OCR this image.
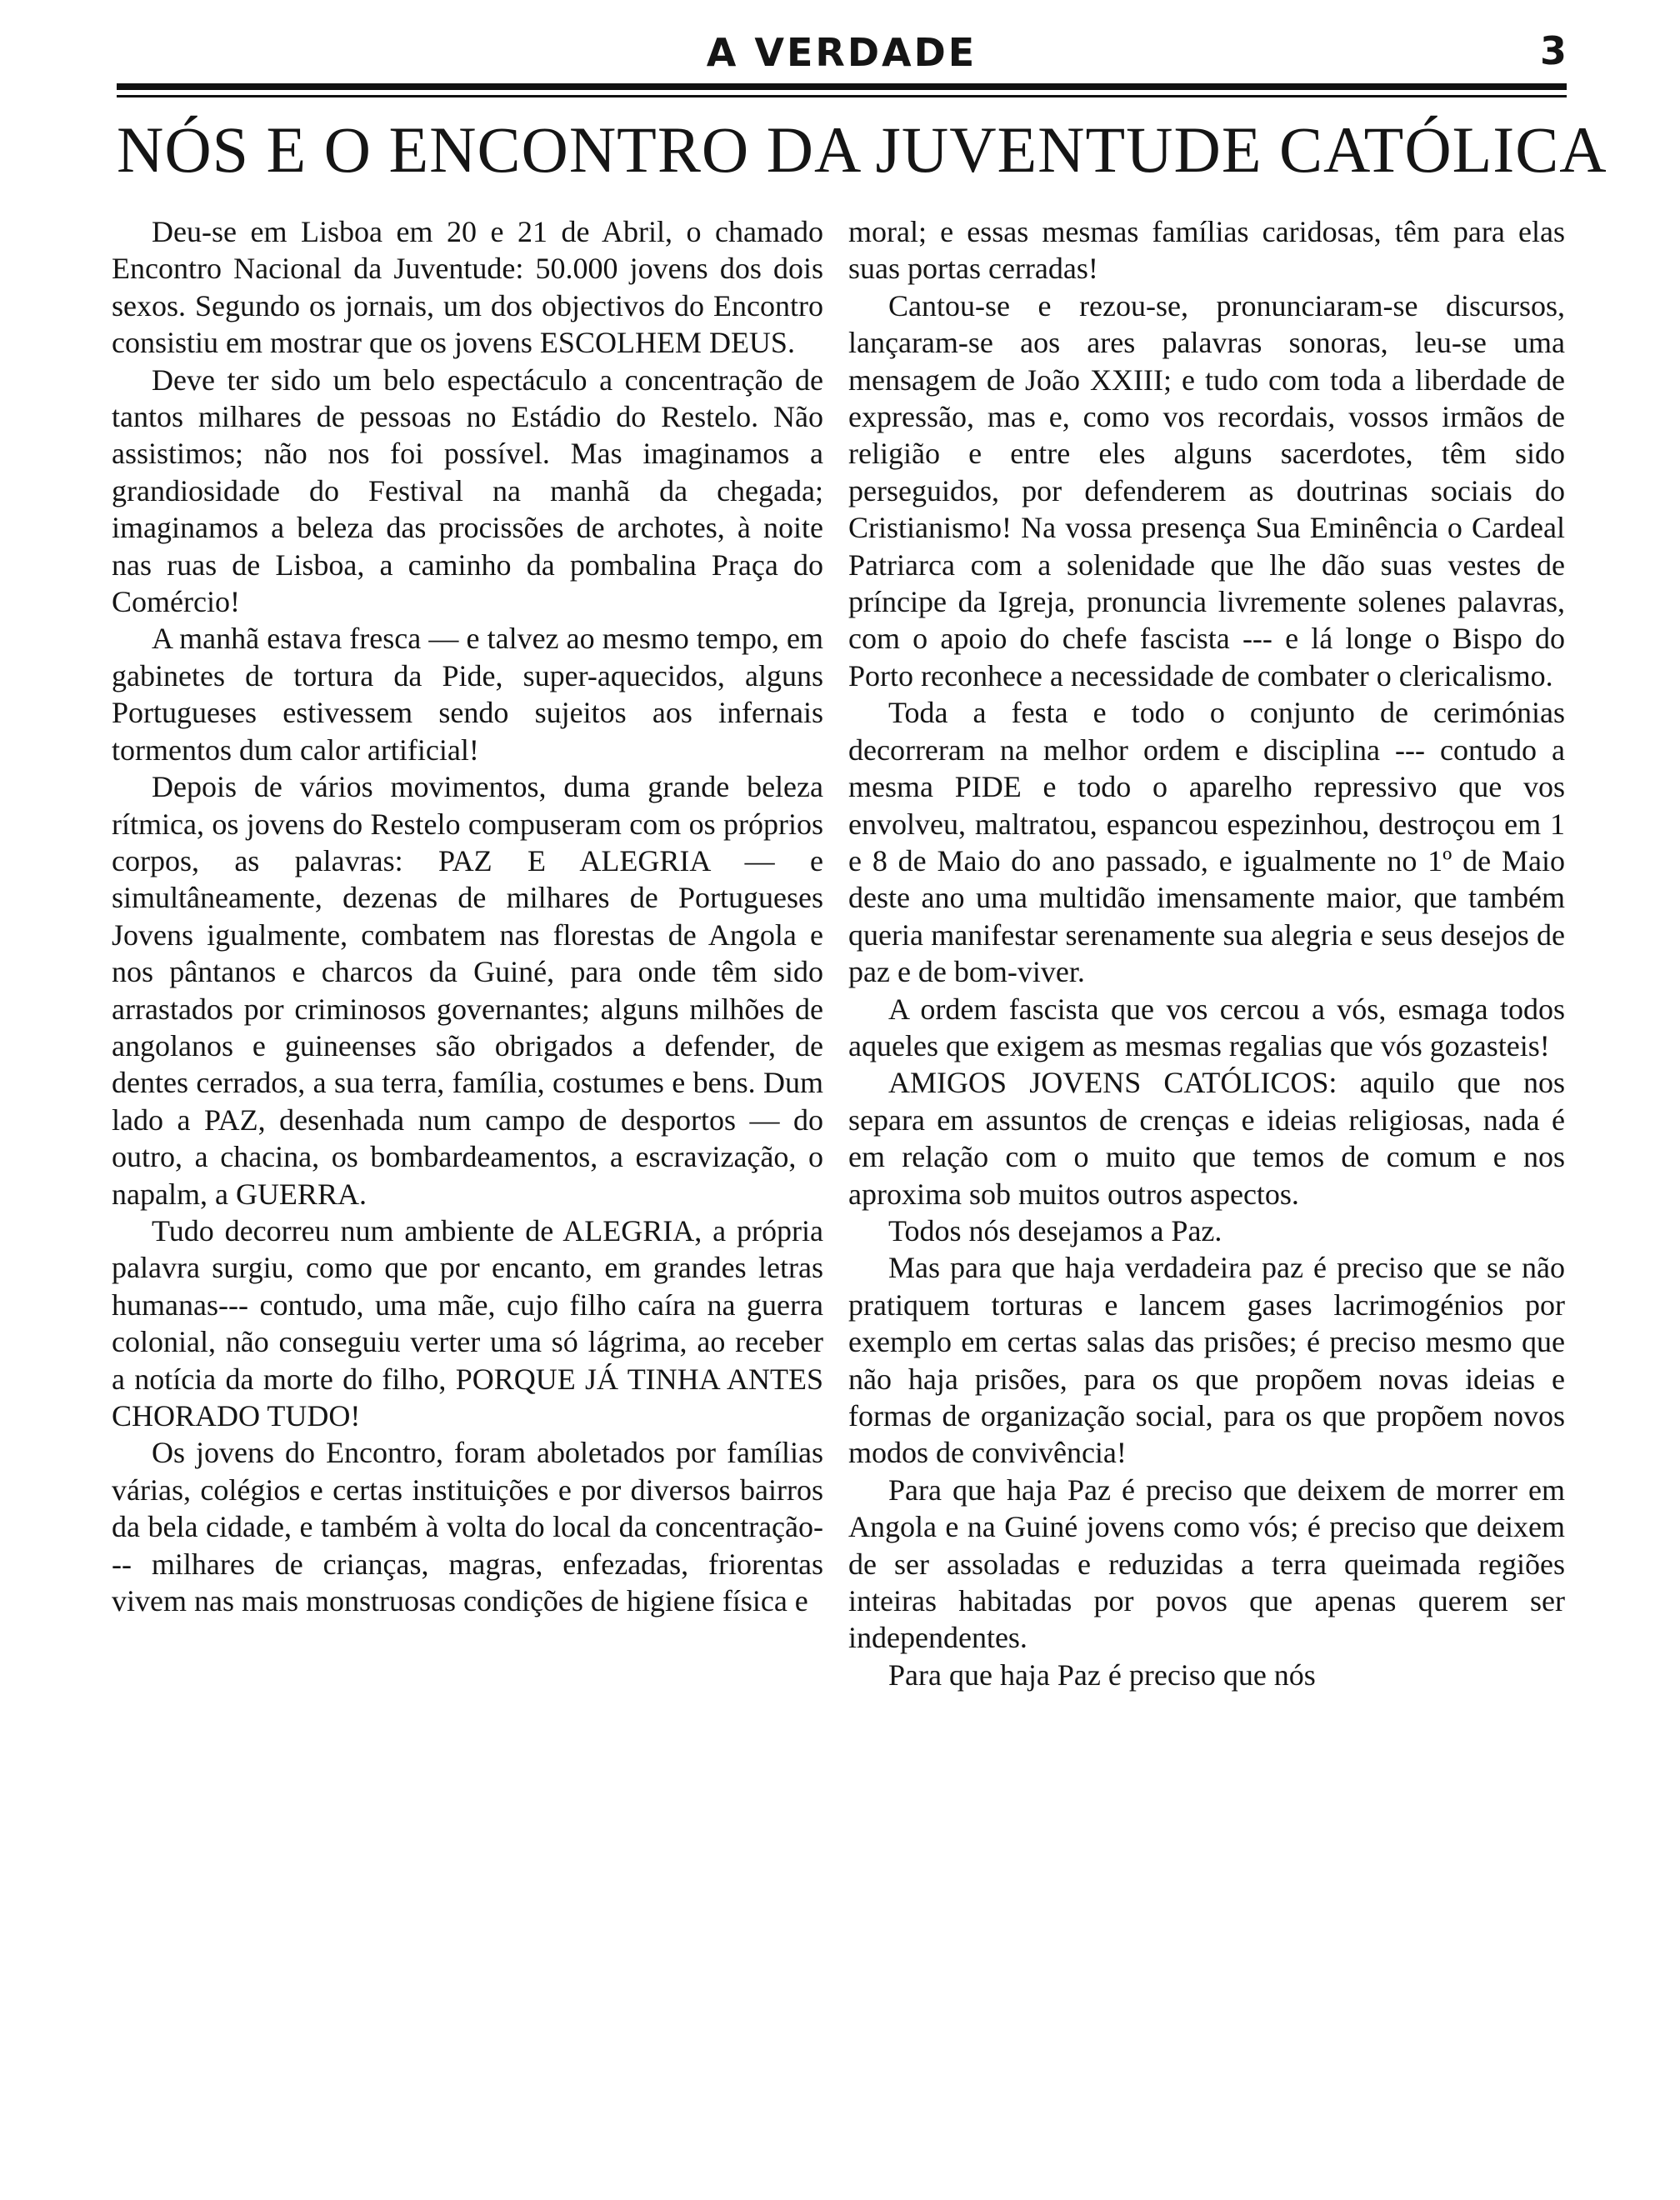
A VERDADE	3
NÓS E O ENCONTRO DA JUVENTUDE CATÓLICA

Deu-se em Lisboa em 20 e 21 de Abril, o chamado Encontro Nacional da Juventude: 50.000 jovens dos dois sexos. Segundo os jornais, um dos objectivos do Encontro consistiu em mostrar que os jovens ESCOLHEM DEUS.

Deve ter sido um belo espectáculo a concentração de tantos milhares de pessoas no Estádio do Restelo. Não assistimos; não nos foi possível. Mas imaginamos a grandiosidade do Festival na manhã da chegada; imaginamos a beleza das procissões de archotes, à noite nas ruas de Lisboa, a caminho da pombalina Praça do Comércio!

A manhã estava fresca — e talvez ao mesmo tempo, em gabinetes de tortura da Pide, super-aquecidos, alguns Portugueses estivessem sendo sujeitos aos infernais tormentos dum calor artificial!

Depois de vários movimentos, duma grande beleza rítmica, os jovens do Restelo compuseram com os próprios corpos, as palavras: PAZ E ALEGRIA — e simultâneamente, dezenas de milhares de Portugueses Jovens igualmente, combatem nas florestas de Angola e nos pântanos e charcos da Guiné, para onde têm sido arrastados por criminosos governantes; alguns milhões de angolanos e guineenses são obrigados a defender, de dentes cerrados, a sua terra, família, costumes e bens. Dum lado a PAZ, desenhada num campo de desportos — do outro, a chacina, os bombardeamentos, a escravização, o napalm, a GUERRA.

Tudo decorreu num ambiente de ALEGRIA, a própria palavra surgiu, como que por encanto, em grandes letras humanas--- contudo, uma mãe, cujo filho caíra na guerra colonial, não conseguiu verter uma só lágrima, ao receber a notícia da morte do filho, PORQUE JÁ TINHA ANTES CHORADO TUDO!

Os jovens do Encontro, foram aboletados por famílias várias, colégios e certas instituições e por diversos bairros da bela cidade, e também à volta do local da concentração--- milhares de crianças, magras, enfezadas, friorentas vivem nas mais monstruosas condições de higiene física e

moral; e essas mesmas famílias caridosas, têm para elas suas portas cerradas!

Cantou-se e rezou-se, pronunciaram-se discursos, lançaram-se aos ares palavras sonoras, leu-se uma mensagem de João XXIII; e tudo com toda a liberdade de expressão, mas e, como vos recordais, vossos irmãos de religião e entre eles alguns sacerdotes, têm sido perseguidos, por defenderem as doutrinas sociais do Cristianismo! Na vossa presença Sua Eminência o Cardeal Patriarca com a solenidade que lhe dão suas vestes de príncipe da Igreja, pronuncia livremente solenes palavras, com o apoio do chefe fascista --- e lá longe o Bispo do Porto reconhece a necessidade de combater o clericalismo.

Toda a festa e todo o conjunto de cerimónias decorreram na melhor ordem e disciplina --- contudo a mesma PIDE e todo o aparelho repressivo que vos envolveu, maltratou, espancou espezinhou, destroçou em 1 e 8 de Maio do ano passado, e igualmente no 1º de Maio deste ano uma multidão imensamente maior, que também queria manifestar serenamente sua alegria e seus desejos de paz e de bom-viver.

A ordem fascista que vos cercou a vós, esmaga todos aqueles que exigem as mesmas regalias que vós gozasteis!

AMIGOS JOVENS CATÓLICOS: aquilo que nos separa em assuntos de crenças e ideias religiosas, nada é em relação com o muito que temos de comum e nos aproxima sob muitos outros aspectos.

Todos nós desejamos a Paz.

Mas para que haja verdadeira paz é preciso que se não pratiquem torturas e lancem gases lacrimogénios por exemplo em certas salas das prisões; é preciso mesmo que não haja prisões, para os que propõem novas ideias e formas de organização social, para os que propõem novos modos de convivência!

Para que haja Paz é preciso que deixem de morrer em Angola e na Guiné jovens como vós; é preciso que deixem de ser assoladas e reduzidas a terra queimada regiões inteiras habitadas por povos que apenas querem ser independentes.

Para que haja Paz é preciso que nós
